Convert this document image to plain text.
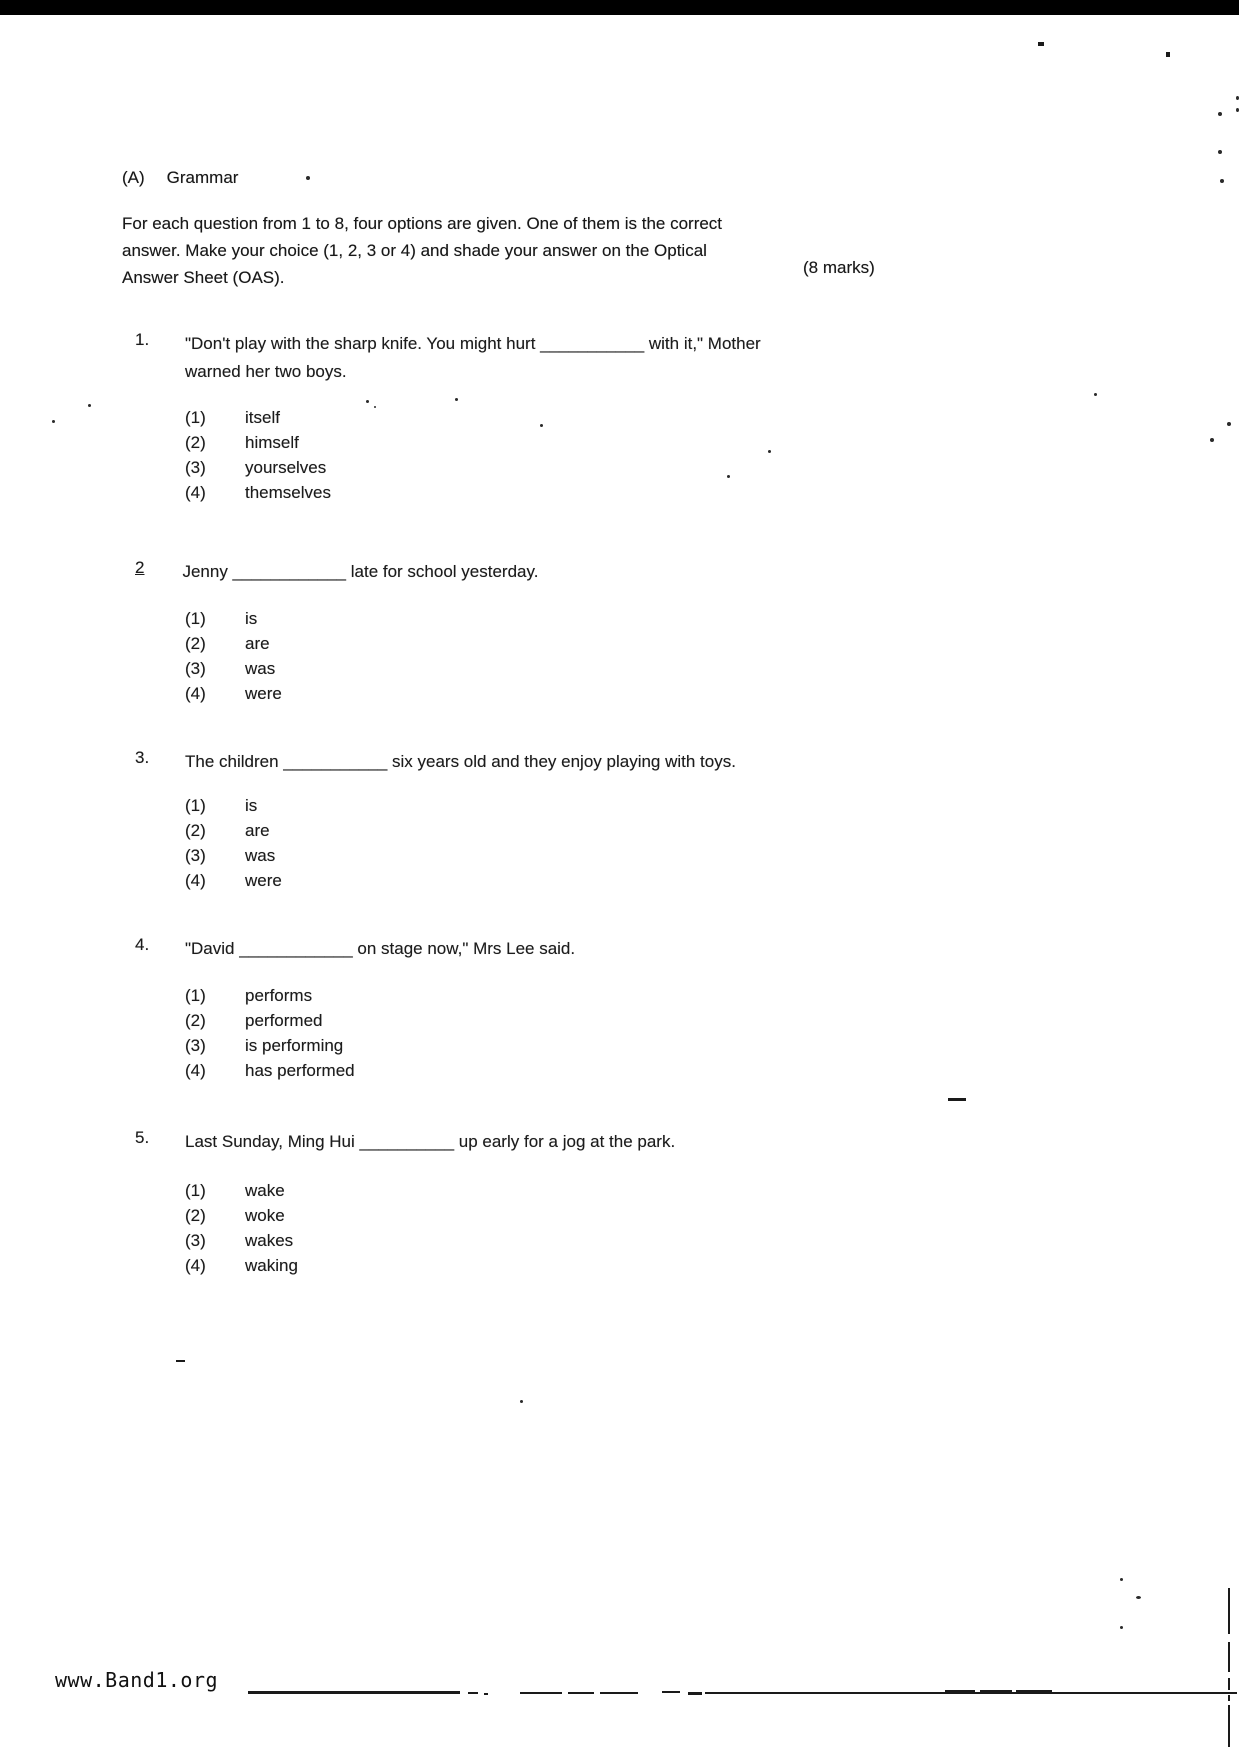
(A) Grammar
For each question from 1 to 8, four options are given. One of them is the correct
answer. Make your choice (1, 2, 3 or 4) and shade your answer on the Optical
Answer Sheet (OAS).
(8 marks)
1.	"Don't play with the sharp knife. You might hurt ___________ with it," Mother
warned her two boys.
(1)	itself
(2)	himself
(3)	yourselves
(4)	themselves
2 Jenny ____________ late for school yesterday.
(1)	is
(2)	are
(3)	was
(4)	were
3.	The children ___________ six years old and they enjoy playing with toys.
(1)	is
(2)	are
(3)	was
(4)	were
4.	"David ____________ on stage now," Mrs Lee said.
(1)	performs
(2)	performed
(3)	is performing
(4)	has performed
5.	Last Sunday, Ming Hui __________ up early for a jog at the park.
(1)	wake
(2)	woke
(3)	wakes
(4)	waking
www.Band1.org
